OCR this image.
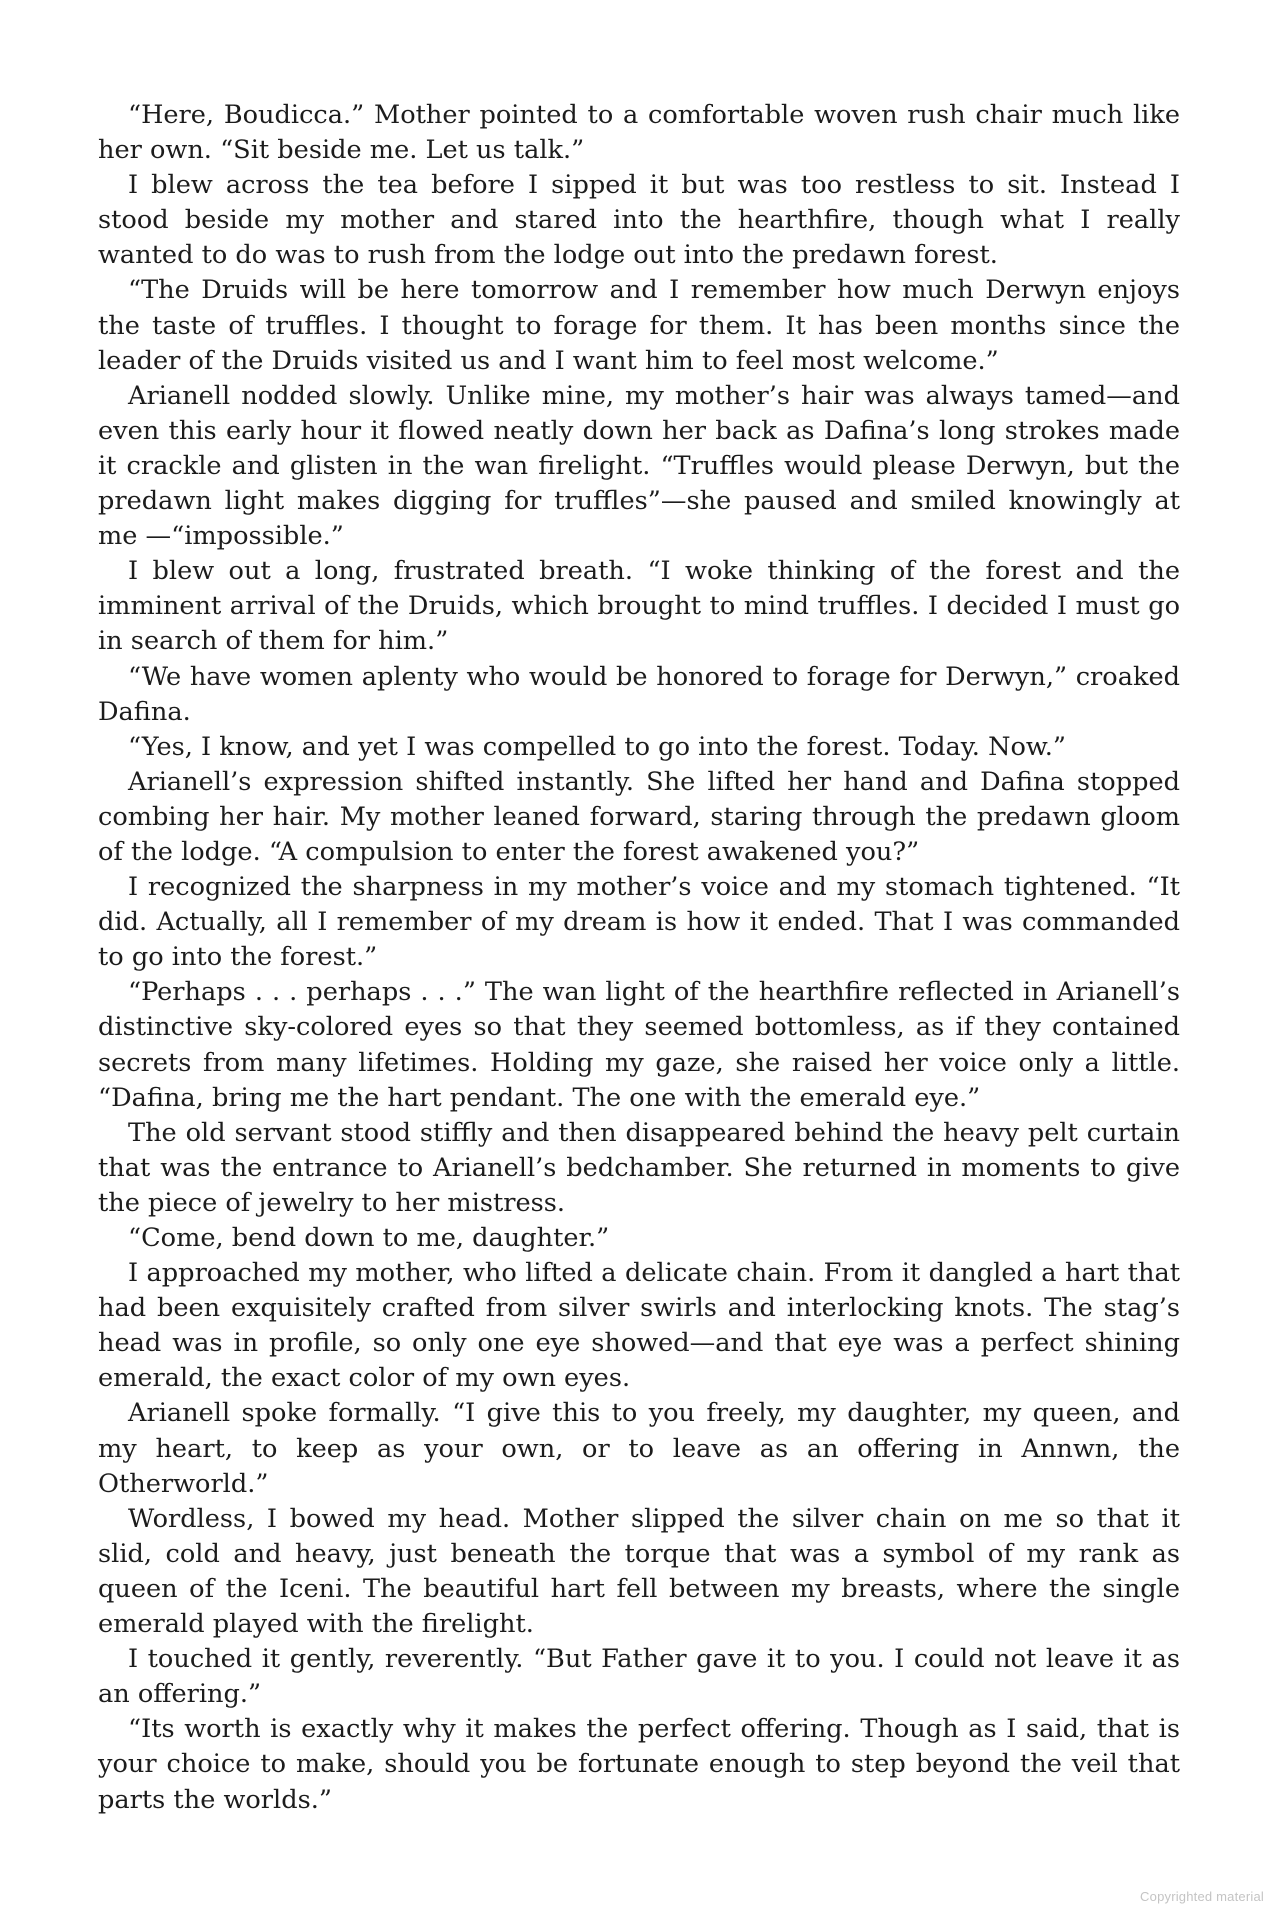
“Here, Boudicca.” Mother pointed to a comfortable woven rush chair much like her own. “Sit beside me. Let us talk.”

I blew across the tea before I sipped it but was too restless to sit. Instead I stood beside my mother and stared into the hearthfire, though what I really wanted to do was to rush from the lodge out into the predawn forest.

“The Druids will be here tomorrow and I remember how much Derwyn enjoys the taste of truffles. I thought to forage for them. It has been months since the leader of the Druids visited us and I want him to feel most welcome.”

Arianell nodded slowly. Unlike mine, my mother’s hair was always tamed—and even this early hour it flowed neatly down her back as Dafina’s long strokes made it crackle and glisten in the wan firelight. “Truffles would please Derwyn, but the predawn light makes digging for truffles”—she paused and smiled knowingly at me —“impossible.”

I blew out a long, frustrated breath. “I woke thinking of the forest and the imminent arrival of the Druids, which brought to mind truffles. I decided I must go in search of them for him.”

“We have women aplenty who would be honored to forage for Derwyn,” croaked Dafina.

“Yes, I know, and yet I was compelled to go into the forest. Today. Now.”

Arianell’s expression shifted instantly. She lifted her hand and Dafina stopped combing her hair. My mother leaned forward, staring through the predawn gloom of the lodge. “A compulsion to enter the forest awakened you?”

I recognized the sharpness in my mother’s voice and my stomach tightened. “It did. Actually, all I remember of my dream is how it ended. That I was commanded to go into the forest.”

“Perhaps . . . perhaps . . .” The wan light of the hearthfire reflected in Arianell’s distinctive sky-colored eyes so that they seemed bottomless, as if they contained secrets from many lifetimes. Holding my gaze, she raised her voice only a little. “Dafina, bring me the hart pendant. The one with the emerald eye.”

The old servant stood stiffly and then disappeared behind the heavy pelt curtain that was the entrance to Arianell’s bedchamber. She returned in moments to give the piece of jewelry to her mistress.

“Come, bend down to me, daughter.”

I approached my mother, who lifted a delicate chain. From it dangled a hart that had been exquisitely crafted from silver swirls and interlocking knots. The stag’s head was in profile, so only one eye showed—and that eye was a perfect shining emerald, the exact color of my own eyes.

Arianell spoke formally. “I give this to you freely, my daughter, my queen, and my heart, to keep as your own, or to leave as an offering in Annwn, the Otherworld.”

Wordless, I bowed my head. Mother slipped the silver chain on me so that it slid, cold and heavy, just beneath the torque that was a symbol of my rank as queen of the Iceni. The beautiful hart fell between my breasts, where the single emerald played with the firelight.

I touched it gently, reverently. “But Father gave it to you. I could not leave it as an offering.”

“Its worth is exactly why it makes the perfect offering. Though as I said, that is your choice to make, should you be fortunate enough to step beyond the veil that parts the worlds.”

Copyrighted material
